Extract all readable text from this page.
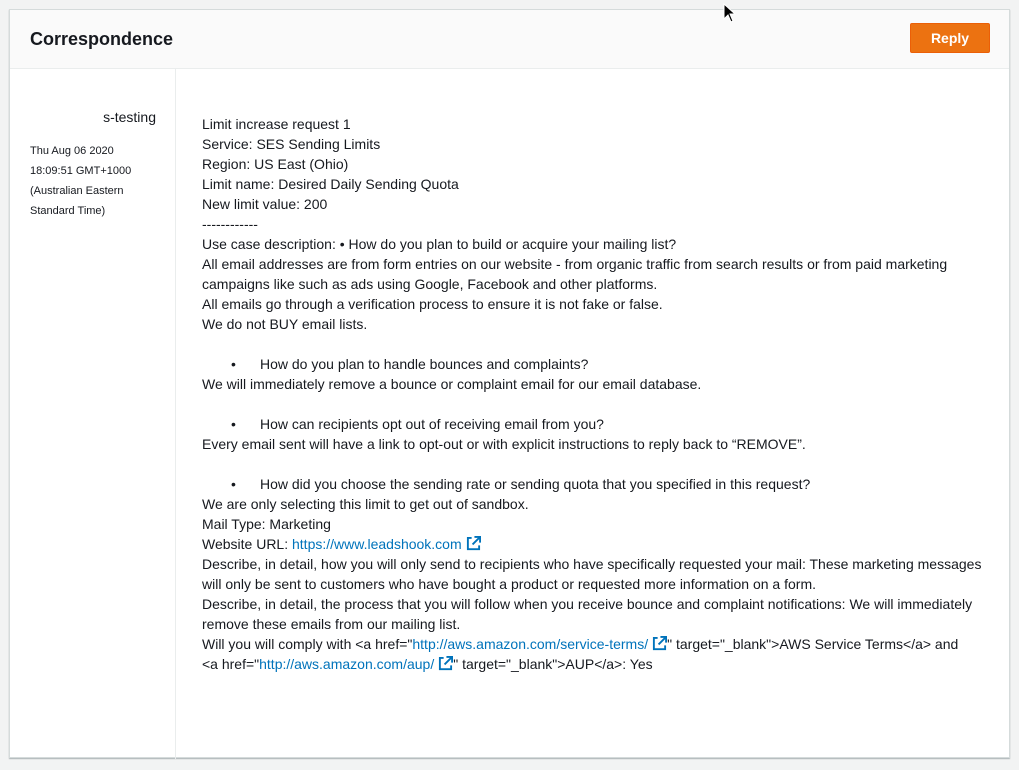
Correspondence	Reply
s-testing
Thu Aug 06 2020
18:09:51 GMT+1000
(Australian Eastern
Standard Time)
Limit increase request 1
Service: SES Sending Limits
Region: US East (Ohio)
Limit name: Desired Daily Sending Quota
New limit value: 200
------------
Use case description: • How do you plan to build or acquire your mailing list?
All email addresses are from form entries on our website - from organic traffic from search results or from paid marketing campaigns like such as ads using Google, Facebook and other platforms.
All emails go through a verification process to ensure it is not fake or false.
We do not BUY email lists.
• How do you plan to handle bounces and complaints?
We will immediately remove a bounce or complaint email for our email database.
• How can recipients opt out of receiving email from you?
Every email sent will have a link to opt-out or with explicit instructions to reply back to “REMOVE”.
• How did you choose the sending rate or sending quota that you specified in this request?
We are only selecting this limit to get out of sandbox.
Mail Type: Marketing
Website URL: https://www.leadshook.com
Describe, in detail, how you will only send to recipients who have specifically requested your mail: These marketing messages will only be sent to customers who have bought a product or requested more information on a form.
Describe, in detail, the process that you will follow when you receive bounce and complaint notifications: We will immediately remove these emails from our mailing list.
Will you will comply with <a href="http://aws.amazon.com/service-terms/ " target="_blank">AWS Service Terms</a> and
<a href="http://aws.amazon.com/aup/ " target="_blank">AUP</a>: Yes
